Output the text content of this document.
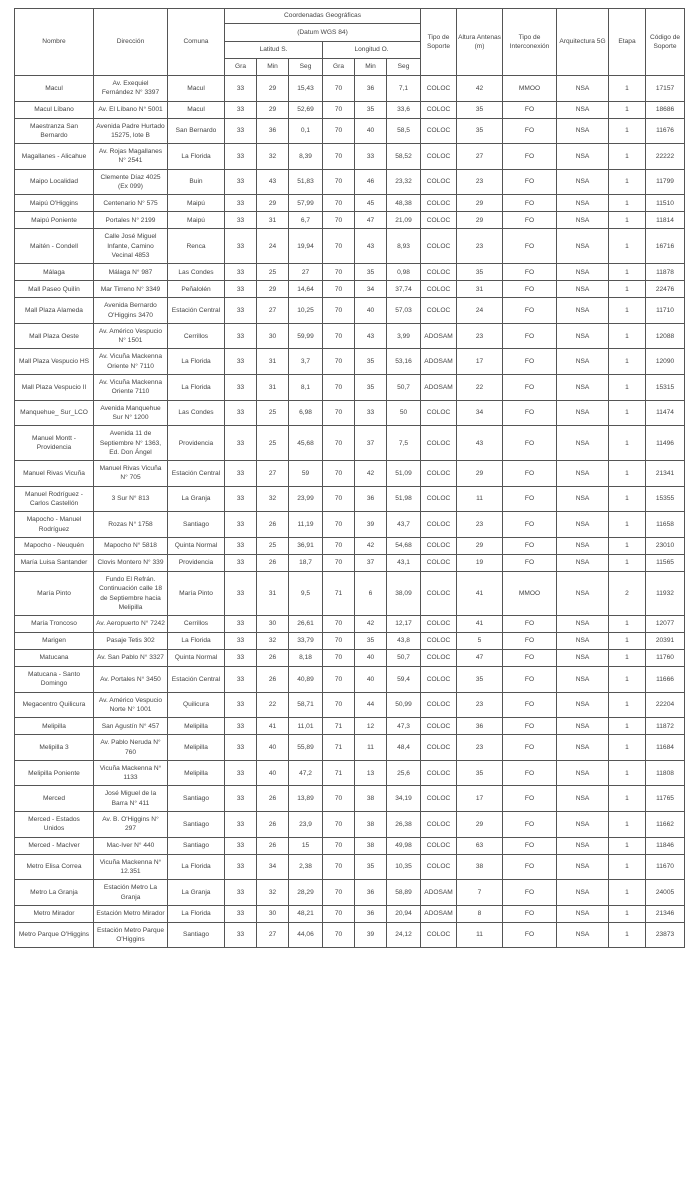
Nombre	Dirección	Comuna	Coordenadas Geográficas						Tipo de Soporte	Altura Antenas (m)	Tipo de Interconexión	Arquitectura 5G	Etapa	Código de Soporte
			(Datum WGS 84)											
			Latitud S.			Longitud O.								
			Gra	Min	Seg	Gra	Min	Seg						
Macul	Av. Exequiel Fernández N° 3397	Macul	33	29	15,43	70	36	7,1	COLOC	42	MMOO	NSA	1	17157
Macul Líbano	Av. El Líbano N° 5001	Macul	33	29	52,69	70	35	33,6	COLOC	35	FO	NSA	1	18686
Maestranza San Bernardo	Avenida Padre Hurtado 15275, lote B	San Bernardo	33	36	0,1	70	40	58,5	COLOC	35	FO	NSA	1	11676
Magallanes - Alicahue	Av. Rojas Magallanes N° 2541	La Florida	33	32	8,39	70	33	58,52	COLOC	27	FO	NSA	1	22222
Maipo Localidad	Clemente Díaz 4025 (Ex 099)	Buin	33	43	51,83	70	46	23,32	COLOC	23	FO	NSA	1	11799
Maipú O'Higgins	Centenario N° 575	Maipú	33	29	57,99	70	45	48,38	COLOC	29	FO	NSA	1	11510
Maipú Poniente	Portales N° 2199	Maipú	33	31	6,7	70	47	21,09	COLOC	29	FO	NSA	1	11814
Maitén - Condell	Calle José Miguel Infante, Camino Vecinal 4853	Renca	33	24	19,94	70	43	8,93	COLOC	23	FO	NSA	1	16716
Málaga	Málaga N° 987	Las Condes	33	25	27	70	35	0,98	COLOC	35	FO	NSA	1	11878
Mall Paseo Quilín	Mar Tirreno N° 3349	Peñalolén	33	29	14,64	70	34	37,74	COLOC	31	FO	NSA	1	22476
Mall Plaza Alameda	Avenida Bernardo O'Higgins 3470	Estación Central	33	27	10,25	70	40	57,03	COLOC	24	FO	NSA	1	11710
Mall Plaza Oeste	Av. Américo Vespucio N° 1501	Cerrillos	33	30	59,99	70	43	3,99	ADOSAM	23	FO	NSA	1	12088
Mall Plaza Vespucio HS	Av. Vicuña Mackenna Oriente N° 7110	La Florida	33	31	3,7	70	35	53,16	ADOSAM	17	FO	NSA	1	12090
Mall Plaza Vespucio II	Av. Vicuña Mackenna Oriente 7110	La Florida	33	31	8,1	70	35	50,7	ADOSAM	22	FO	NSA	1	15315
Manquehue_ Sur_LCO	Avenida Manquehue Sur N° 1200	Las Condes	33	25	6,98	70	33	50	COLOC	34	FO	NSA	1	11474
Manuel Montt - Providencia	Avenida 11 de Septiembre N° 1363, Ed. Don Ángel	Providencia	33	25	45,68	70	37	7,5	COLOC	43	FO	NSA	1	11496
Manuel Rivas Vicuña	Manuel Rivas Vicuña N° 705	Estación Central	33	27	59	70	42	51,09	COLOC	29	FO	NSA	1	21341
Manuel Rodríguez - Carlos Castellón	3 Sur N° 813	La Granja	33	32	23,99	70	36	51,98	COLOC	11	FO	NSA	1	15355
Mapocho - Manuel Rodríguez	Rozas N° 1758	Santiago	33	26	11,19	70	39	43,7	COLOC	23	FO	NSA	1	11658
Mapocho - Neuquén	Mapocho N° 5818	Quinta Normal	33	25	36,91	70	42	54,68	COLOC	29	FO	NSA	1	23010
María Luisa Santander	Clovis Montero N° 339	Providencia	33	26	18,7	70	37	43,1	COLOC	19	FO	NSA	1	11565
María Pinto	Fundo El Refrán. Continuación calle 18 de Septiembre hacia Melipilla	María Pinto	33	31	9,5	71	6	38,09	COLOC	41	MMOO	NSA	2	11932
María Troncoso	Av. Aeropuerto N° 7242	Cerrillos	33	30	26,61	70	42	12,17	COLOC	41	FO	NSA	1	12077
Marigen	Pasaje Tetis 302	La Florida	33	32	33,79	70	35	43,8	COLOC	5	FO	NSA	1	20391
Matucana	Av. San Pablo N° 3327	Quinta Normal	33	26	8,18	70	40	50,7	COLOC	47	FO	NSA	1	11760
Matucana - Santo Domingo	Av. Portales N° 3450	Estación Central	33	26	40,89	70	40	59,4	COLOC	35	FO	NSA	1	11666
Megacentro Quilicura	Av. Américo Vespucio Norte N° 1001	Quilicura	33	22	58,71	70	44	50,99	COLOC	23	FO	NSA	1	22204
Melipilla	San Agustín N° 457	Melipilla	33	41	11,01	71	12	47,3	COLOC	36	FO	NSA	1	11872
Melipilla 3	Av. Pablo Neruda N° 760	Melipilla	33	40	55,89	71	11	48,4	COLOC	23	FO	NSA	1	11684
Melipilla Poniente	Vicuña Mackenna N° 1133	Melipilla	33	40	47,2	71	13	25,6	COLOC	35	FO	NSA	1	11808
Merced	José Miguel de la Barra N° 411	Santiago	33	26	13,89	70	38	34,19	COLOC	17	FO	NSA	1	11765
Merced - Estados Unidos	Av. B. O'Higgins N° 297	Santiago	33	26	23,9	70	38	26,38	COLOC	29	FO	NSA	1	11662
Merced - MacIver	Mac-Iver N° 440	Santiago	33	26	15	70	38	49,98	COLOC	63	FO	NSA	1	11846
Metro Elisa Correa	Vicuña Mackenna N° 12.351	La Florida	33	34	2,38	70	35	10,35	COLOC	38	FO	NSA	1	11670
Metro La Granja	Estación Metro La Granja	La Granja	33	32	28,29	70	36	58,89	ADOSAM	7	FO	NSA	1	24005
Metro Mirador	Estación Metro Mirador	La Florida	33	30	48,21	70	36	20,94	ADOSAM	8	FO	NSA	1	21346
Metro Parque O'Higgins	Estación Metro Parque O'Higgins	Santiago	33	27	44,06	70	39	24,12	COLOC	11	FO	NSA	1	23873
